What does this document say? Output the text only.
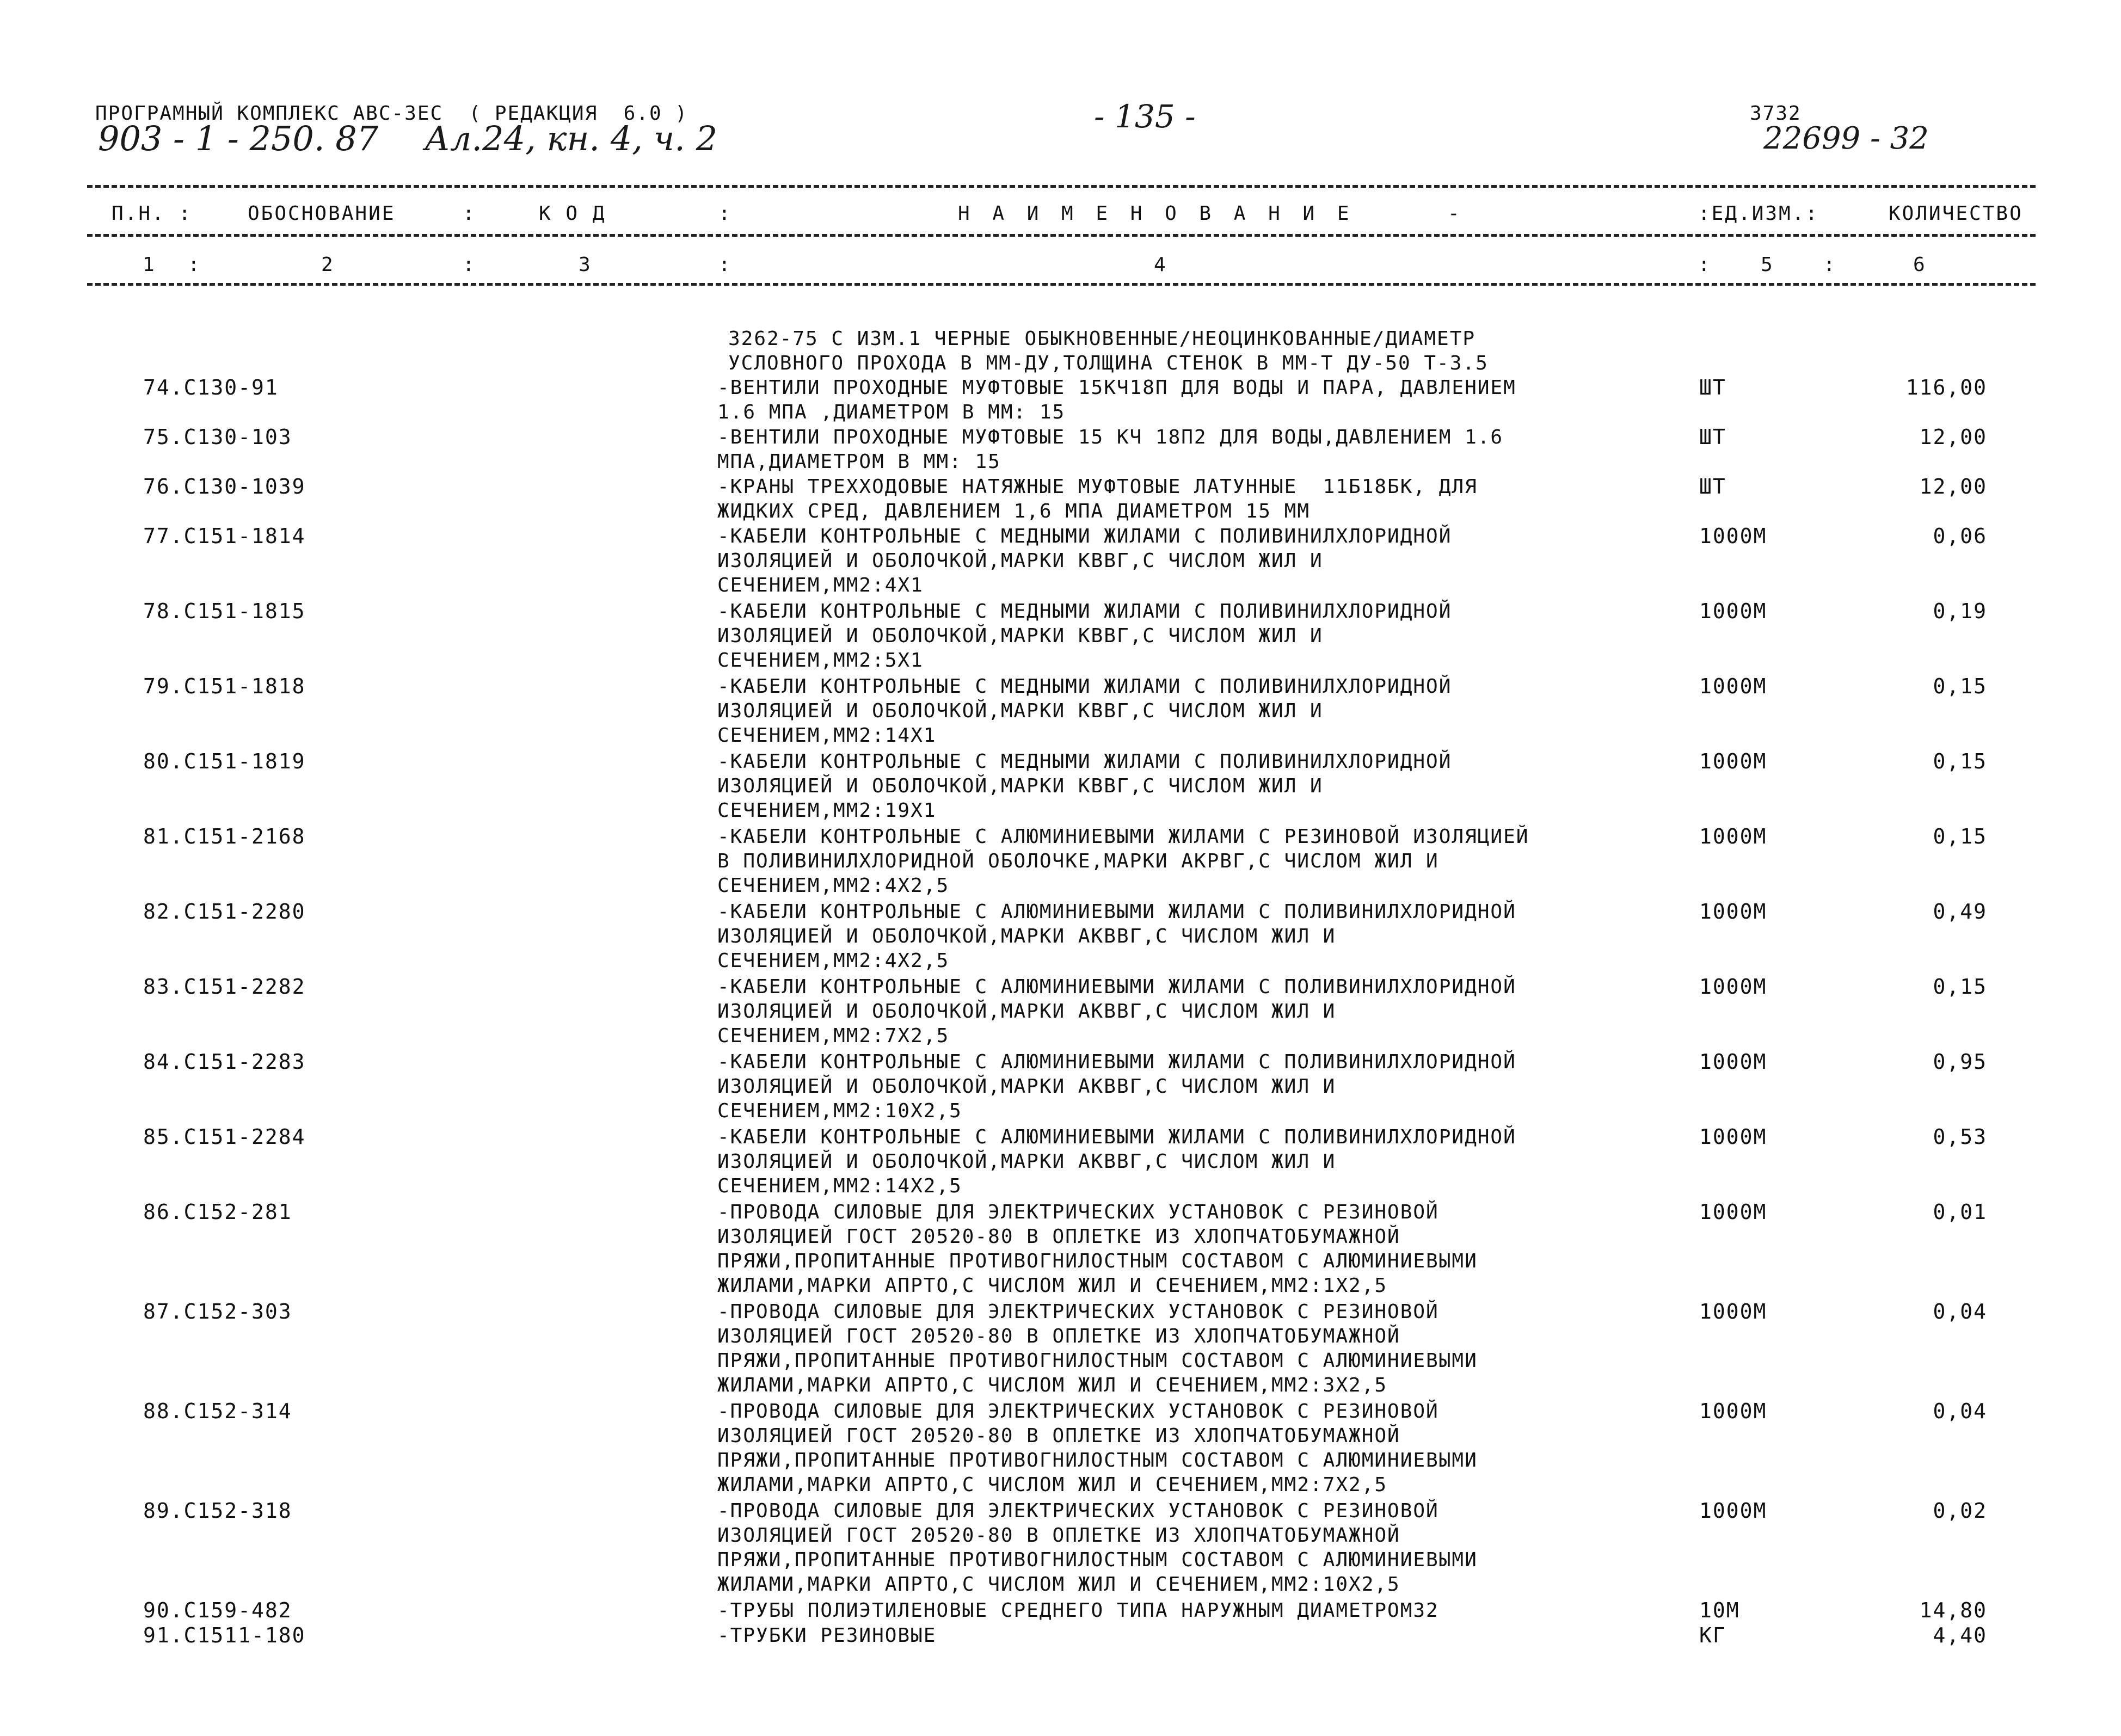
ПРОГРАМНЫЙ КОМПЛЕКС АВС-ЗЕС  ( РЕДАКЦИЯ  6.0 )
903 - 1 - 250. 87 Ал.24, кн. 4, ч. 2
- 135 -	3732
22699 - 32
П.Н. :	ОБОСНОВАНИЕ	:	К О Д	:	Н А И М Е Н О В А Н И Е	-	:ЕД.ИЗМ.:	КОЛИЧЕСТВО
1 :	2	:	3	:	4	:	5	:	6
3262-75 С ИЗМ.1 ЧЕРНЫЕ ОБЫКНОВЕННЫЕ/НЕОЦИНКОВАННЫЕ/ДИАМЕТР
УСЛОВНОГО ПРОХОДА В ММ-ДУ,ТОЛЩИНА СТЕНОК В ММ-Т ДУ-50 Т-3.5
74.С130-91	-ВЕНТИЛИ ПРОХОДНЫЕ МУФТОВЫЕ 15КЧ18П ДЛЯ ВОДЫ И ПАРА, ДАВЛЕНИЕМ
1.6 МПА ,ДИАМЕТРОМ В ММ: 15
ШТ	116,00
75.С130-103	-ВЕНТИЛИ ПРОХОДНЫЕ МУФТОВЫЕ 15 КЧ 18П2 ДЛЯ ВОДЫ,ДАВЛЕНИЕМ 1.6
МПА,ДИАМЕТРОМ В ММ: 15
ШТ	12,00
76.С130-1039	-КРАНЫ ТРЕХХОДОВЫЕ НАТЯЖНЫЕ МУФТОВЫЕ ЛАТУННЫЕ  11Б18БК, ДЛЯ
ЖИДКИХ СРЕД, ДАВЛЕНИЕМ 1,6 МПА ДИАМЕТРОМ 15 ММ
ШТ	12,00
77.С151-1814	-КАБЕЛИ КОНТРОЛЬНЫЕ С МЕДНЫМИ ЖИЛАМИ С ПОЛИВИНИЛХЛОРИДНОЙ
ИЗОЛЯЦИЕЙ И ОБОЛОЧКОЙ,МАРКИ КВВГ,С ЧИСЛОМ ЖИЛ И
СЕЧЕНИЕМ,ММ2:4Х1
1000М	0,06
78.С151-1815	-КАБЕЛИ КОНТРОЛЬНЫЕ С МЕДНЫМИ ЖИЛАМИ С ПОЛИВИНИЛХЛОРИДНОЙ
ИЗОЛЯЦИЕЙ И ОБОЛОЧКОЙ,МАРКИ КВВГ,С ЧИСЛОМ ЖИЛ И
СЕЧЕНИЕМ,ММ2:5Х1
1000М	0,19
79.С151-1818	-КАБЕЛИ КОНТРОЛЬНЫЕ С МЕДНЫМИ ЖИЛАМИ С ПОЛИВИНИЛХЛОРИДНОЙ
ИЗОЛЯЦИЕЙ И ОБОЛОЧКОЙ,МАРКИ КВВГ,С ЧИСЛОМ ЖИЛ И
СЕЧЕНИЕМ,ММ2:14Х1
1000М	0,15
80.С151-1819	-КАБЕЛИ КОНТРОЛЬНЫЕ С МЕДНЫМИ ЖИЛАМИ С ПОЛИВИНИЛХЛОРИДНОЙ
ИЗОЛЯЦИЕЙ И ОБОЛОЧКОЙ,МАРКИ КВВГ,С ЧИСЛОМ ЖИЛ И
СЕЧЕНИЕМ,ММ2:19Х1
1000М	0,15
81.С151-2168	-КАБЕЛИ КОНТРОЛЬНЫЕ С АЛЮМИНИЕВЫМИ ЖИЛАМИ С РЕЗИНОВОЙ ИЗОЛЯЦИЕЙ
В ПОЛИВИНИЛХЛОРИДНОЙ ОБОЛОЧКЕ,МАРКИ АКРВГ,С ЧИСЛОМ ЖИЛ И
СЕЧЕНИЕМ,ММ2:4Х2,5
1000М	0,15
82.С151-2280	-КАБЕЛИ КОНТРОЛЬНЫЕ С АЛЮМИНИЕВЫМИ ЖИЛАМИ С ПОЛИВИНИЛХЛОРИДНОЙ
ИЗОЛЯЦИЕЙ И ОБОЛОЧКОЙ,МАРКИ АКВВГ,С ЧИСЛОМ ЖИЛ И
СЕЧЕНИЕМ,ММ2:4Х2,5
1000М	0,49
83.С151-2282	-КАБЕЛИ КОНТРОЛЬНЫЕ С АЛЮМИНИЕВЫМИ ЖИЛАМИ С ПОЛИВИНИЛХЛОРИДНОЙ
ИЗОЛЯЦИЕЙ И ОБОЛОЧКОЙ,МАРКИ АКВВГ,С ЧИСЛОМ ЖИЛ И
СЕЧЕНИЕМ,ММ2:7Х2,5
1000М	0,15
84.С151-2283	-КАБЕЛИ КОНТРОЛЬНЫЕ С АЛЮМИНИЕВЫМИ ЖИЛАМИ С ПОЛИВИНИЛХЛОРИДНОЙ
ИЗОЛЯЦИЕЙ И ОБОЛОЧКОЙ,МАРКИ АКВВГ,С ЧИСЛОМ ЖИЛ И
СЕЧЕНИЕМ,ММ2:10Х2,5
1000М	0,95
85.С151-2284	-КАБЕЛИ КОНТРОЛЬНЫЕ С АЛЮМИНИЕВЫМИ ЖИЛАМИ С ПОЛИВИНИЛХЛОРИДНОЙ
ИЗОЛЯЦИЕЙ И ОБОЛОЧКОЙ,МАРКИ АКВВГ,С ЧИСЛОМ ЖИЛ И
СЕЧЕНИЕМ,ММ2:14Х2,5
1000М	0,53
86.С152-281	-ПРОВОДА СИЛОВЫЕ ДЛЯ ЭЛЕКТРИЧЕСКИХ УСТАНОВОК С РЕЗИНОВОЙ
ИЗОЛЯЦИЕЙ ГОСТ 20520-80 В ОПЛЕТКЕ ИЗ ХЛОПЧАТОБУМАЖНОЙ
ПРЯЖИ,ПРОПИТАННЫЕ ПРОТИВОГНИЛОСТНЫМ СОСТАВОМ С АЛЮМИНИЕВЫМИ
ЖИЛАМИ,МАРКИ АПРТО,С ЧИСЛОМ ЖИЛ И СЕЧЕНИЕМ,ММ2:1Х2,5
1000М	0,01
87.С152-303	-ПРОВОДА СИЛОВЫЕ ДЛЯ ЭЛЕКТРИЧЕСКИХ УСТАНОВОК С РЕЗИНОВОЙ
ИЗОЛЯЦИЕЙ ГОСТ 20520-80 В ОПЛЕТКЕ ИЗ ХЛОПЧАТОБУМАЖНОЙ
ПРЯЖИ,ПРОПИТАННЫЕ ПРОТИВОГНИЛОСТНЫМ СОСТАВОМ С АЛЮМИНИЕВЫМИ
ЖИЛАМИ,МАРКИ АПРТО,С ЧИСЛОМ ЖИЛ И СЕЧЕНИЕМ,ММ2:3Х2,5
1000М	0,04
88.С152-314	-ПРОВОДА СИЛОВЫЕ ДЛЯ ЭЛЕКТРИЧЕСКИХ УСТАНОВОК С РЕЗИНОВОЙ
ИЗОЛЯЦИЕЙ ГОСТ 20520-80 В ОПЛЕТКЕ ИЗ ХЛОПЧАТОБУМАЖНОЙ
ПРЯЖИ,ПРОПИТАННЫЕ ПРОТИВОГНИЛОСТНЫМ СОСТАВОМ С АЛЮМИНИЕВЫМИ
ЖИЛАМИ,МАРКИ АПРТО,С ЧИСЛОМ ЖИЛ И СЕЧЕНИЕМ,ММ2:7Х2,5
1000М	0,04
89.С152-318	-ПРОВОДА СИЛОВЫЕ ДЛЯ ЭЛЕКТРИЧЕСКИХ УСТАНОВОК С РЕЗИНОВОЙ
ИЗОЛЯЦИЕЙ ГОСТ 20520-80 В ОПЛЕТКЕ ИЗ ХЛОПЧАТОБУМАЖНОЙ
ПРЯЖИ,ПРОПИТАННЫЕ ПРОТИВОГНИЛОСТНЫМ СОСТАВОМ С АЛЮМИНИЕВЫМИ
ЖИЛАМИ,МАРКИ АПРТО,С ЧИСЛОМ ЖИЛ И СЕЧЕНИЕМ,ММ2:10Х2,5
1000М	0,02
90.С159-482	-ТРУБЫ ПОЛИЭТИЛЕНОВЫЕ СРЕДНЕГО ТИПА НАРУЖНЫМ ДИАМЕТРОМ32	10М	14,80
91.С1511-180	-ТРУБКИ РЕЗИНОВЫЕ	КГ	4,40
